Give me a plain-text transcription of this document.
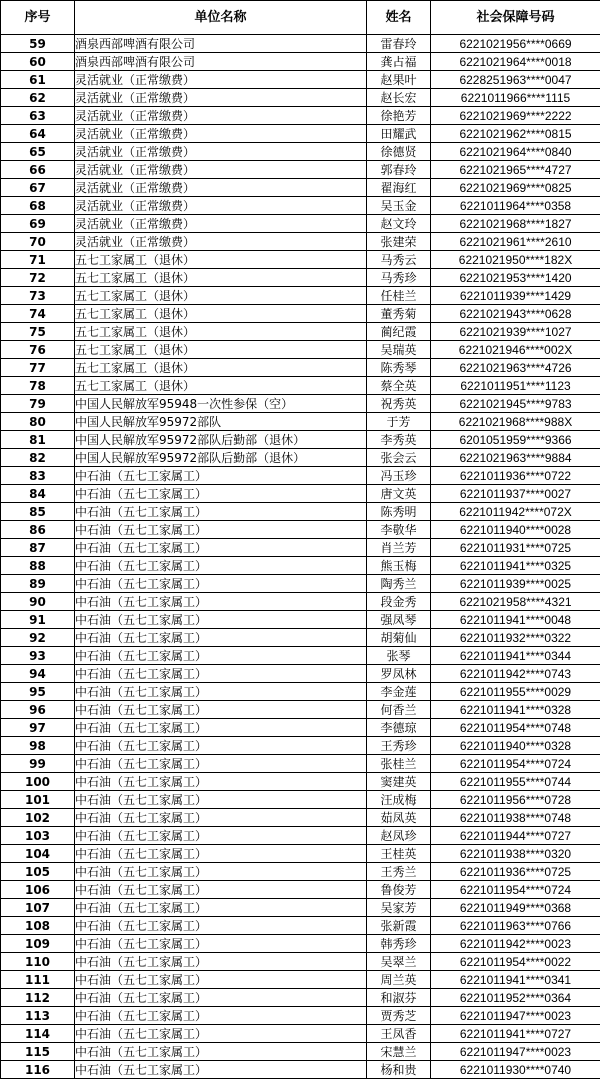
序号	单位名称	姓名	社会保障号码
59	酒泉西部啤酒有限公司	雷春玲	6221021956****0669
60	酒泉西部啤酒有限公司	龚占福	6221021964****0018
61	灵活就业（正常缴费）	赵果叶	6228251963****0047
62	灵活就业（正常缴费）	赵长宏	6221011966****1115
63	灵活就业（正常缴费）	徐艳芳	6221021969****2222
64	灵活就业（正常缴费）	田耀武	6221021962****0815
65	灵活就业（正常缴费）	徐德贤	6221021964****0840
66	灵活就业（正常缴费）	郭春玲	6221021965****4727
67	灵活就业（正常缴费）	翟海红	6221021969****0825
68	灵活就业（正常缴费）	吴玉金	6221011964****0358
69	灵活就业（正常缴费）	赵文玲	6221021968****1827
70	灵活就业（正常缴费）	张建荣	6221021961****2610
71	五七工家属工（退休）	马秀云	6221021950****182X
72	五七工家属工（退休）	马秀珍	6221021953****1420
73	五七工家属工（退休）	任桂兰	6221011939****1429
74	五七工家属工（退休）	董秀菊	6221021943****0628
75	五七工家属工（退休）	蔺纪霞	6221021939****1027
76	五七工家属工（退休）	吴瑞英	6221021946****002X
77	五七工家属工（退休）	陈秀琴	6221021963****4726
78	五七工家属工（退休）	蔡全英	6221011951****1123
79	中国人民解放军95948一次性参保（空）	祝秀英	6221021945****9783
80	中国人民解放军95972部队	于芳	6221021968****988X
81	中国人民解放军95972部队后勤部（退休）	李秀英	6201051959****9366
82	中国人民解放军95972部队后勤部（退休）	张会云	6221021963****9884
83	中石油（五七工家属工）	冯玉珍	6221011936****0722
84	中石油（五七工家属工）	唐文英	6221011937****0027
85	中石油（五七工家属工）	陈秀明	6221011942****072X
86	中石油（五七工家属工）	李敬华	6221011940****0028
87	中石油（五七工家属工）	肖兰芳	6221011931****0725
88	中石油（五七工家属工）	熊玉梅	6221011941****0325
89	中石油（五七工家属工）	陶秀兰	6221011939****0025
90	中石油（五七工家属工）	段金秀	6221021958****4321
91	中石油（五七工家属工）	强凤琴	6221011941****0048
92	中石油（五七工家属工）	胡菊仙	6221011932****0322
93	中石油（五七工家属工）	张琴	6221011941****0344
94	中石油（五七工家属工）	罗凤林	6221011942****0743
95	中石油（五七工家属工）	李金莲	6221011955****0029
96	中石油（五七工家属工）	何香兰	6221011941****0328
97	中石油（五七工家属工）	李德琼	6221011954****0748
98	中石油（五七工家属工）	王秀珍	6221011940****0328
99	中石油（五七工家属工）	张桂兰	6221011954****0724
100	中石油（五七工家属工）	窦建英	6221011955****0744
101	中石油（五七工家属工）	汪成梅	6221011956****0728
102	中石油（五七工家属工）	茹凤英	6221011938****0748
103	中石油（五七工家属工）	赵凤珍	6221011944****0727
104	中石油（五七工家属工）	王桂英	6221011938****0320
105	中石油（五七工家属工）	王秀兰	6221011936****0725
106	中石油（五七工家属工）	鲁俊芳	6221011954****0724
107	中石油（五七工家属工）	吴家芳	6221011949****0368
108	中石油（五七工家属工）	张新霞	6221011963****0766
109	中石油（五七工家属工）	韩秀珍	6221011942****0023
110	中石油（五七工家属工）	吴翠兰	6221011954****0022
111	中石油（五七工家属工）	周兰英	6221011941****0341
112	中石油（五七工家属工）	和淑芬	6221011952****0364
113	中石油（五七工家属工）	贾秀芝	6221011947****0023
114	中石油（五七工家属工）	王凤香	6221011941****0727
115	中石油（五七工家属工）	宋慧兰	6221011947****0023
116	中石油（五七工家属工）	杨和贵	6221011930****0740
